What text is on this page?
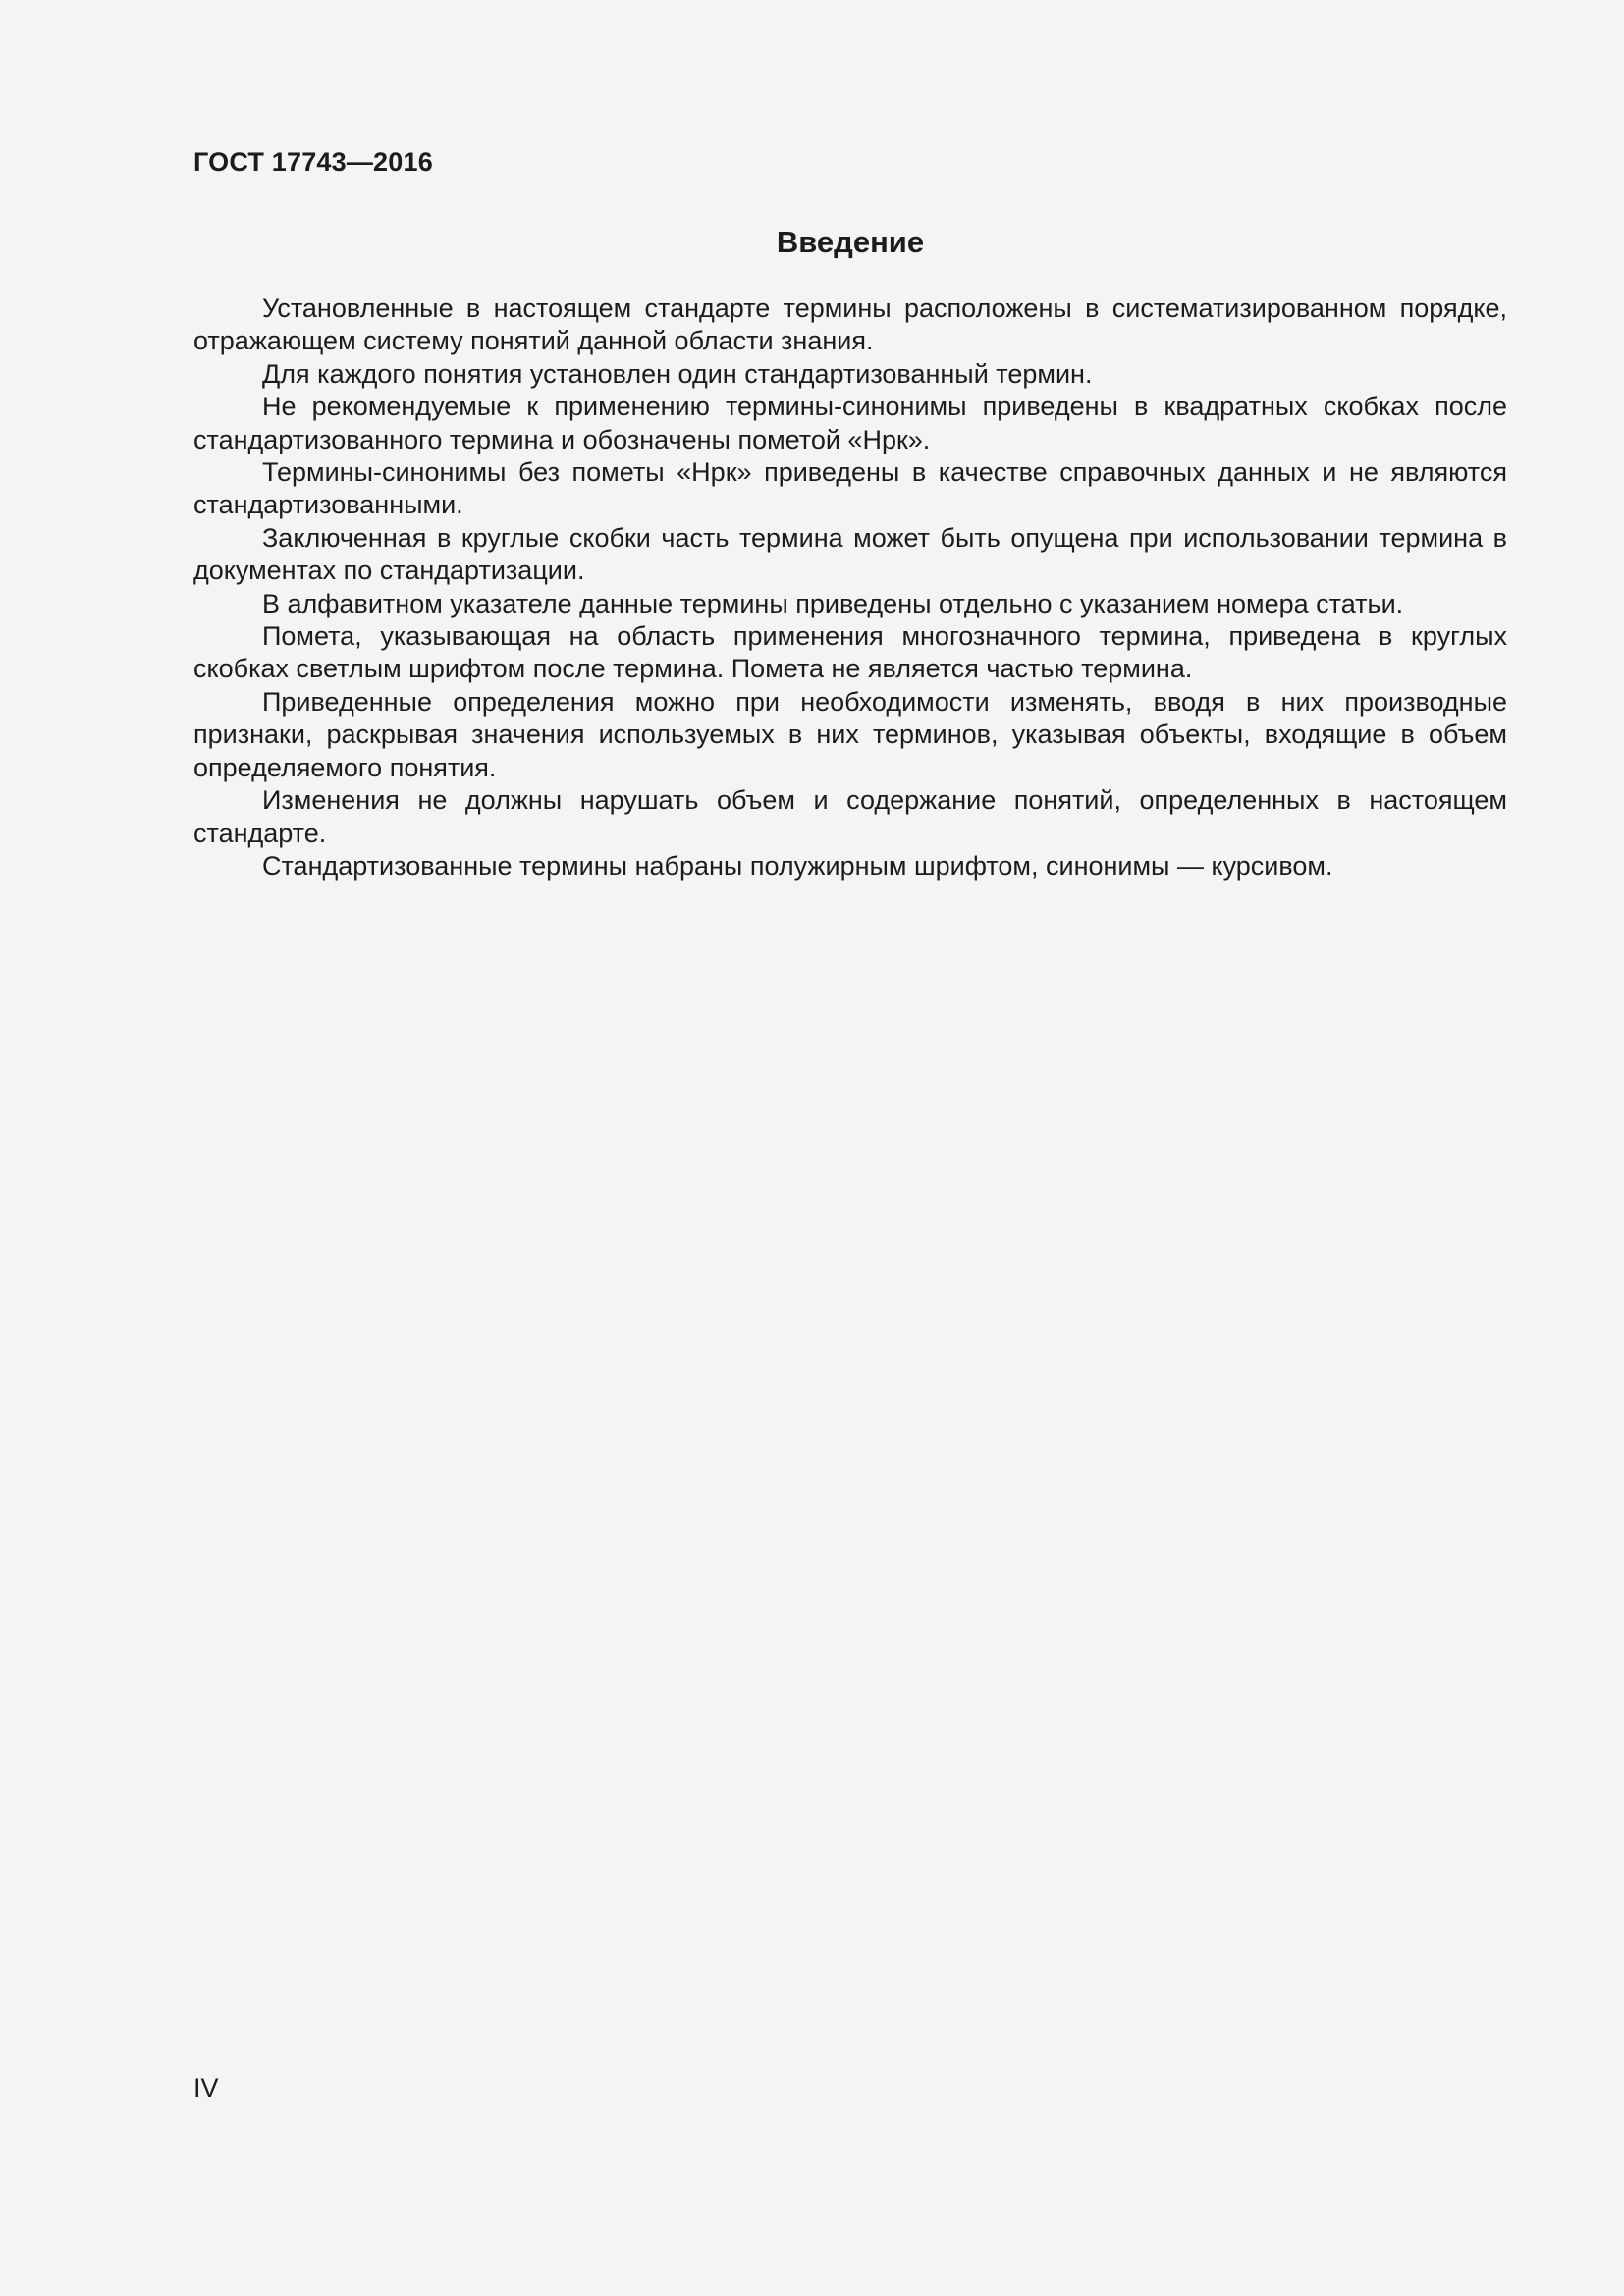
ГОСТ 17743—2016
Введение

Установленные в настоящем стандарте термины расположены в систематизированном порядке, отражающем систему понятий данной области знания.

Для каждого понятия установлен один стандартизованный термин.

Не рекомендуемые к применению термины-синонимы приведены в квадратных скобках после стандартизованного термина и обозначены пометой «Нрк».

Термины-синонимы без пометы «Нрк» приведены в качестве справочных данных и не являются стандартизованными.

Заключенная в круглые скобки часть термина может быть опущена при использовании термина в документах по стандартизации.

В алфавитном указателе данные термины приведены отдельно с указанием номера статьи.

Помета, указывающая на область применения многозначного термина, приведена в круглых скобках светлым шрифтом после термина. Помета не является частью термина.

Приведенные определения можно при необходимости изменять, вводя в них производные признаки, раскрывая значения используемых в них терминов, указывая объекты, входящие в объем определяемого понятия.

Изменения не должны нарушать объем и содержание понятий, определенных в настоящем стандарте.

Стандартизованные термины набраны полужирным шрифтом, синонимы — курсивом.

IV
